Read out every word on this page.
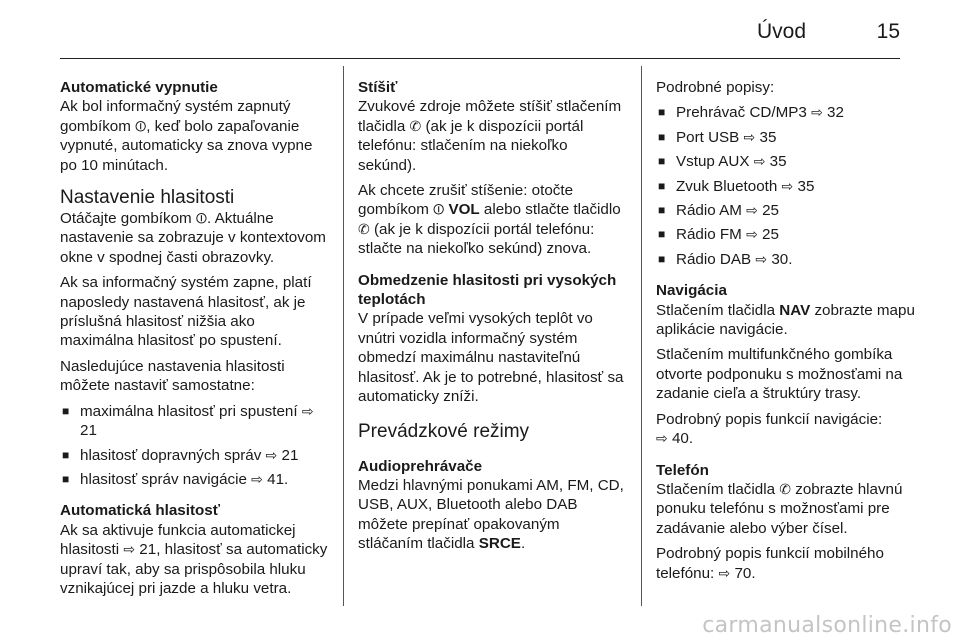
Úvod	15

Automatické vypnutie

Ak bol informačný systém zapnutý gombíkom ⏼, keď bolo zapaľovanie vypnuté, automaticky sa znova vypne po 10 minútach.

Nastavenie hlasitosti

Otáčajte gombíkom ⏼. Aktuálne nastavenie sa zobrazuje v kontextovom okne v spodnej časti obrazovky.

Ak sa informačný systém zapne, platí naposledy nastavená hlasitosť, ak je príslušná hlasitosť nižšia ako maximálna hlasitosť po spustení.

Nasledujúce nastavenia hlasitosti môžete nastaviť samostatne:

■ maximálna hlasitosť pri spustení ⇨ 21
■ hlasitosť dopravných správ ⇨ 21
■ hlasitosť správ navigácie ⇨ 41.

Automatická hlasitosť

Ak sa aktivuje funkcia automatickej hlasitosti ⇨ 21, hlasitosť sa automaticky upraví tak, aby sa prispôsobila hluku vznikajúcej pri jazde a hluku vetra.

Stíšiť

Zvukové zdroje môžete stíšiť stlačením tlačidla ✆ (ak je k dispozícii portál telefónu: stlačením na niekoľko sekúnd).

Ak chcete zrušiť stíšenie: otočte gombíkom ⏼ VOL alebo stlačte tlačidlo ✆ (ak je k dispozícii portál telefónu: stlačte na niekoľko sekúnd) znova.

Obmedzenie hlasitosti pri vysokých teplotách

V prípade veľmi vysokých teplôt vo vnútri vozidla informačný systém obmedzí maximálnu nastaviteľnú hlasitosť. Ak je to potrebné, hlasitosť sa automaticky zníži.

Prevádzkové režimy

Audioprehrávače

Medzi hlavnými ponukami AM, FM, CD, USB, AUX, Bluetooth alebo DAB môžete prepínať opakovaným stláčaním tlačidla SRCE.

Podrobné popisy:

■ Prehrávač CD/MP3 ⇨ 32
■ Port USB ⇨ 35
■ Vstup AUX ⇨ 35
■ Zvuk Bluetooth ⇨ 35
■ Rádio AM ⇨ 25
■ Rádio FM ⇨ 25
■ Rádio DAB ⇨ 30.

Navigácia

Stlačením tlačidla NAV zobrazte mapu aplikácie navigácie.

Stlačením multifunkčného gombíka otvorte podponuku s možnosťami na zadanie cieľa a štruktúry trasy.

Podrobný popis funkcií navigácie:
⇨ 40.

Telefón

Stlačením tlačidla ✆ zobrazte hlavnú ponuku telefónu s možnosťami pre zadávanie alebo výber čísel.

Podrobný popis funkcií mobilného telefónu: ⇨ 70.

carmanualsonline.info
